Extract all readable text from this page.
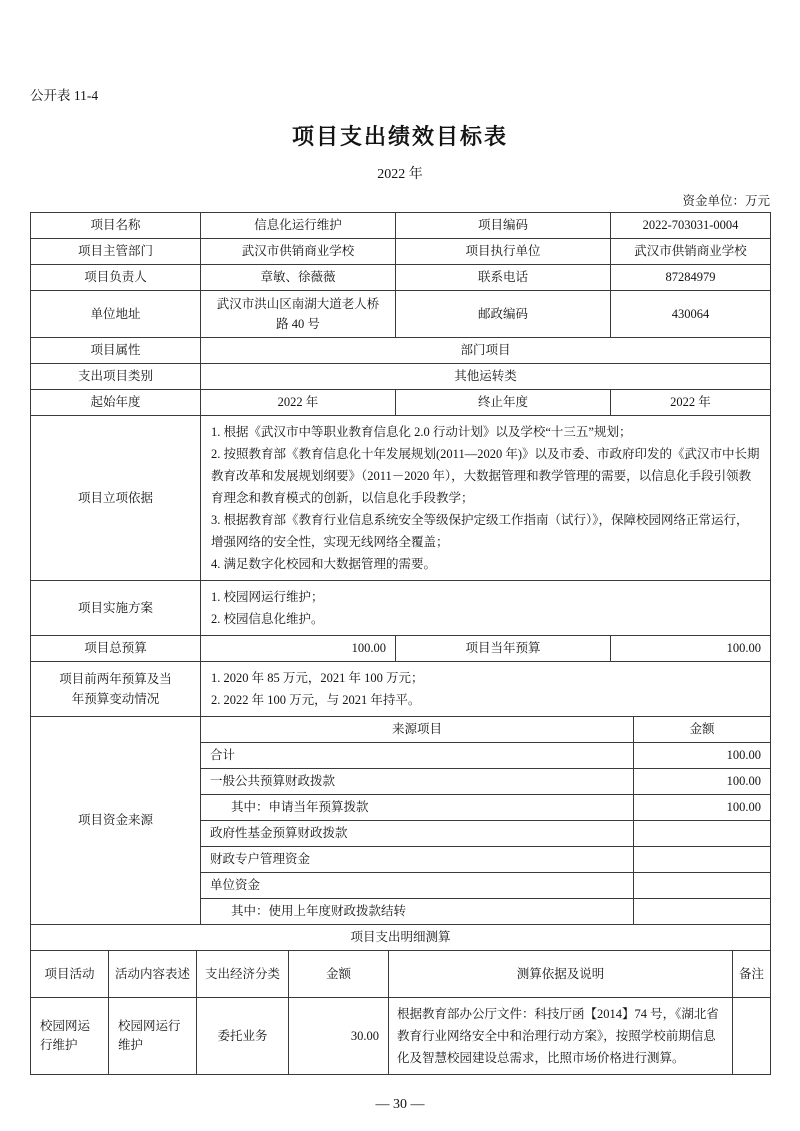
公开表 11-4
项目支出绩效目标表
2022 年
资金单位：万元
项目名称	信息化运行维护	项目编码	2022-703031-0004
项目主管部门	武汉市供销商业学校	项目执行单位	武汉市供销商业学校
项目负责人	章敏、徐薇薇	联系电话	87284979
单位地址	武汉市洪山区南湖大道老人桥路 40 号	邮政编码	430064
项目属性	部门项目		
支出项目类别	其他运转类		
起始年度	2022 年	终止年度	2022 年
项目立项依据	1. 根据《武汉市中等职业教育信息化 2.0 行动计划》以及学校“十三五”规划；
2. 按照教育部《教育信息化十年发展规划(2011—2020 年)》以及市委、市政府印发的《武汉市中长期教育改革和发展规划纲要》（2011－2020 年），大数据管理和教学管理的需要，以信息化手段引领教育理念和教育模式的创新，以信息化手段教学；
3. 根据教育部《教育行业信息系统安全等级保护定级工作指南（试行）》，保障校园网络正常运行，增强网络的安全性，实现无线网络全覆盖；
4. 满足数字化校园和大数据管理的需要。		

项目实施方案	1. 校园网运行维护；
2. 校园信息化维护。		

项目总预算	100.00	项目当年预算	100.00
项目前两年预算及当年预算变动情况	1. 2020 年 85 万元，2021 年 100 万元；
2. 2022 年 100 万元，与 2021 年持平。		
项目资金来源	来源项目	金额
	合计	100.00
	一般公共预算财政拨款	100.00
	其中：申请当年预算拨款	100.00
	政府性基金预算财政拨款	
	财政专户管理资金	
	单位资金	
	其中：使用上年度财政拨款结转	
项目支出明细测算					
项目活动	活动内容表述	支出经济分类	金额	测算依据及说明	备注
校园网运行维护	校园网运行维护	委托业务	30.00	根据教育部办公厅文件：科技厅函【2014】74 号，《湖北省教育行业网络安全中和治理行动方案》，按照学校前期信息化及智慧校园建设总需求，比照市场价格进行测算。	
— 30 —
